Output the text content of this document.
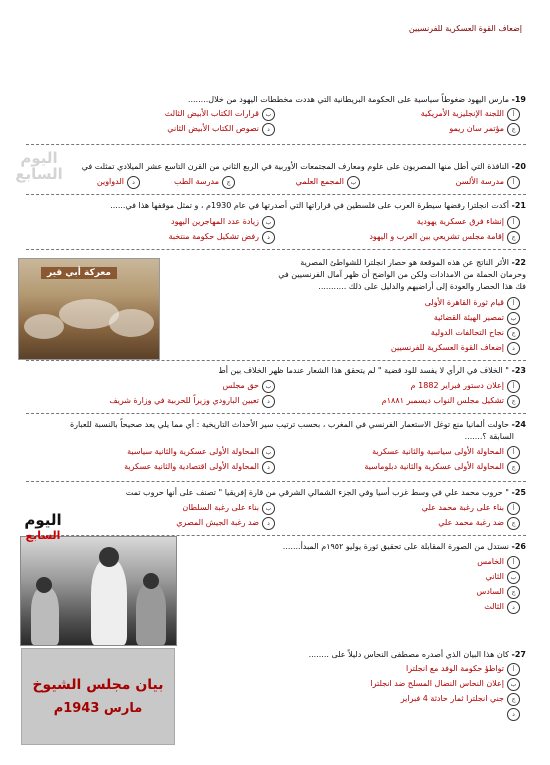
إضعاف القوة العسكرية للفرنسيين
19- مارس اليهود ضغوطاً سياسية على الحكومة البريطانية التي هددت مخططات اليهود من خلال........
أ
اللجنة الإنجليزية الأمريكية
ب
قرارات الكتاب الأبيض الثالث
ج
مؤتمر سان ريمو
د
نصوص الكتاب الأبيض الثاني
20- النافذة التي أطل منها المصريون على علوم ومعارف المجتمعات الأوربية في الربع الثاني من القرن التاسع عشر الميلادي تمثلت في
أ
مدرسة الألسن
ب
المجمع العلمي
ج
مدرسة الطب
د
الدواوين
21- أكدت انجلترا رفضها سيطرة العرب على فلسطين في قراراتها التي أصدرتها في عام 1930م ، و تمثل موقفها هذا في......
أ
إنشاء فرق عسكرية يهودية
ب
زيادة عدد المهاجرين اليهود
ج
إقامة مجلس تشريعي بين العرب و اليهود
د
رفض تشكيل حكومة منتخبة
معركة أبي قير
22- الأثر الناتج عن هذه الموقعة هو حصار انجلترا للشواطئ المصرية
وحرمان الحملة من الامدادات ولكن من الواضح أن ظهر آمال الفرنسيين في
فك هذا الحصار والعودة إلى أراضيهم والدليل على ذلك ...........
أ
قيام ثورة القاهرة الأولى
ب
تمصير الهيئة القضائية
ج
نجاح التحالفات الدولية
د
إضعاف القوة العسكرية للفرنسيين
23- " الخلاف في الرأي لا يفسد للود قضية " لم يتحقق هذا الشعار عندما ظهر الخلاف بين أط
أ
إعلان دستور فبراير 1882 م
ب
حق مجلس
ج
تشكيل مجلس النواب ديسمبر ١٨٨١م
د
تعيين البارودي وزيراً للحربية في وزارة شريف
24- حاولت ألمانيا منع توغل الاستعمار الفرنسي في المغرب ، بحسب ترتيب سير الأحداث التاريخية : أي مما يلي يعد صحيحاً بالنسبة للعبارة
السابقة ؟.......
أ
المحاولة الأولى سياسية والثانية عسكرية
ب
المحاولة الأولى عسكرية والثانية سياسية
ج
المحاولة الأولى عسكرية والثانية دبلوماسية
د
المحاولة الأولى اقتصادية والثانية عسكرية
25- " حروب محمد علي في وسط غرب أسيا وفي الجزء الشمالي الشرقي من قارة إفريقيا " تصنف على أنها حروب تمت
أ
بناء على رغبة محمد علي
ب
بناء على رغبة السلطان
ج
ضد رغبة محمد علي
د
ضد رغبة الجيش المصري
26- نستدل من الصورة المقابلة على تحقيق ثورة يوليو ١٩٥٢م المبدأ.......
أ
الخامس
ب
الثاني
ج
السادس
د
الثالث
بيان مجلس الشيوخ
مارس 1943م
27- كان هذا البيان الذي أصدره مصطفى النحاس دليلاً على ........
أ
تواطؤ حكومة الوفد مع انجلترا
ب
إعلان النحاس النضال المسلح ضد انجلترا
ج
جني انجلترا ثمار حادثة 4 فبراير
د
اليوم
السابع
اليوم
السابع
